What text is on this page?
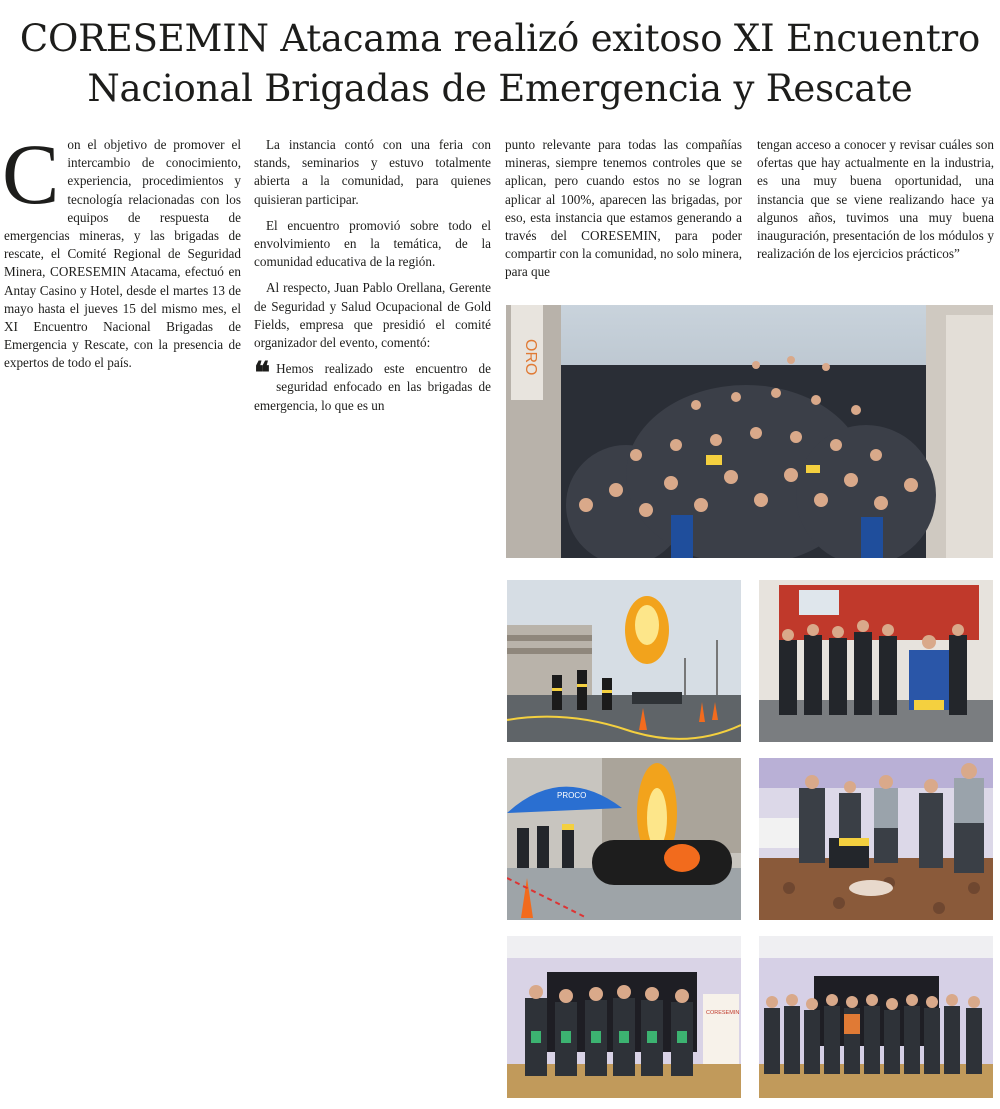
CORESEMIN Atacama realizó exitoso XI Encuentro
Nacional Brigadas de Emergencia y Rescate

Con el objetivo de promover el intercambio de conocimiento, experiencia, procedimientos y tecnología relacionadas con los equipos de respuesta de emergencias mineras, y las brigadas de rescate, el Comité Regional de Seguridad Minera, CORESEMIN Atacama, efectuó en Antay Casino y Hotel, desde el martes 13 de mayo hasta el jueves 15 del mismo mes, el XI Encuentro Nacional Brigadas de Emergencia y Rescate, con la presencia de expertos de todo el país.

La instancia contó con una feria con stands, seminarios y estuvo totalmente abierta a la comunidad, para quienes quisieran participar.

El encuentro promovió sobre todo el envolvimiento en la temática, de la comunidad educativa de la región.

Al respecto, Juan Pablo Orellana, Gerente de Seguridad y Salud Ocupacional de Gold Fields, empresa que presidió el comité organizador del evento, comentó:

❝ Hemos realizado este encuentro de seguridad enfocado en las brigadas de emergencia, lo que es un

punto relevante para todas las compañías mineras, siempre tenemos controles que se aplican, pero cuando estos no se logran aplicar al 100%, aparecen las brigadas, por eso, esta instancia que estamos generando a través del CORESEMIN, para poder compartir con la comunidad, no solo minera, para que

tengan acceso a conocer y revisar cuáles son ofertas que hay actualmente en la industria, es una muy buena oportunidad, una instancia que se viene realizando hace ya algunos años, tuvimos una muy buena inauguración, presentación de los módulos y realización de los ejercicios prácticos”

ORO
PROCO
CORESEMIN
